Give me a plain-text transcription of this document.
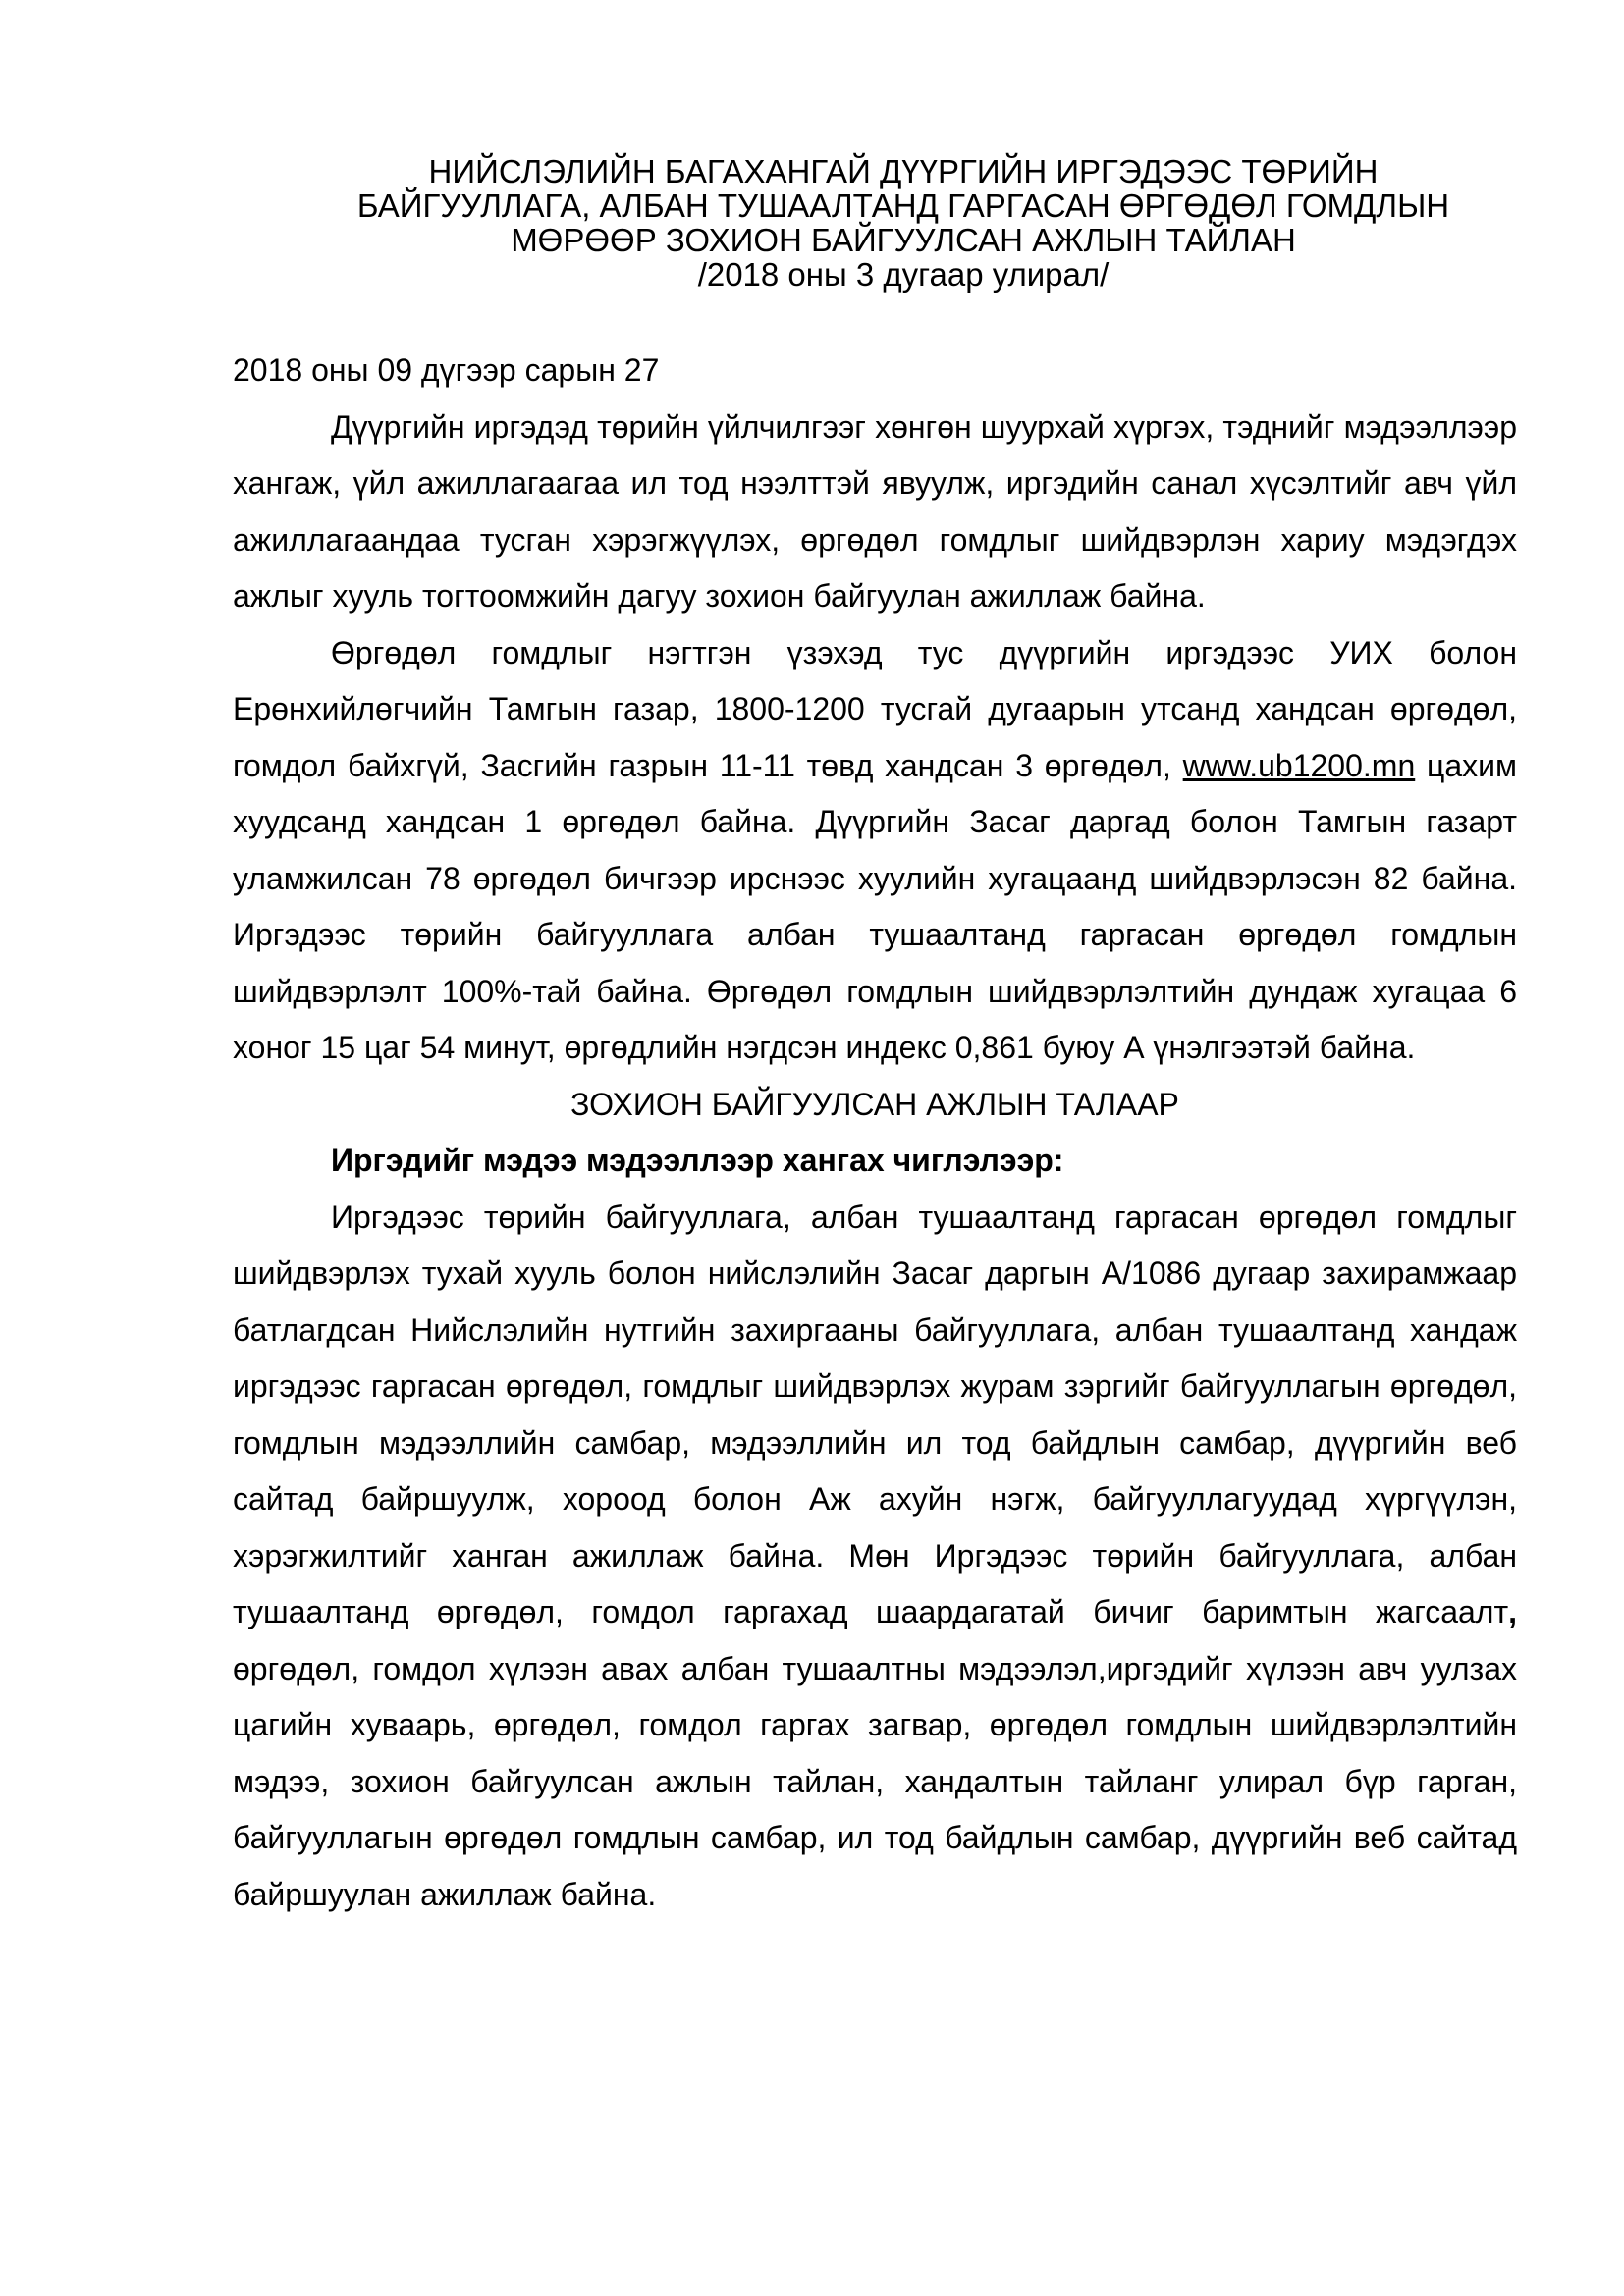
НИЙСЛЭЛИЙН БАГАХАНГАЙ ДҮҮРГИЙН ИРГЭДЭЭС ТӨРИЙН
БАЙГУУЛЛАГА, АЛБАН ТУШААЛТАНД ГАРГАСАН ӨРГӨДӨЛ ГОМДЛЫН
МӨРӨӨР ЗОХИОН БАЙГУУЛСАН АЖЛЫН ТАЙЛАН
/2018 оны 3 дугаар улирал/
2018 оны 09 дүгээр сарын 27

Дүүргийн иргэдэд төрийн үйлчилгээг хөнгөн шуурхай хүргэх, тэднийг мэдээллээр хангаж, үйл ажиллагаагаа ил тод нээлттэй явуулж, иргэдийн санал хүсэлтийг авч үйл ажиллагаандаа тусган хэрэгжүүлэх, өргөдөл гомдлыг шийдвэрлэн хариу мэдэгдэх ажлыг хууль тогтоомжийн дагуу зохион байгуулан ажиллаж байна.

Өргөдөл гомдлыг нэгтгэн үзэхэд тус дүүргийн иргэдээс УИХ болон Ерөнхийлөгчийн Тамгын газар, 1800-1200 тусгай дугаарын утсанд хандсан өргөдөл, гомдол байхгүй, Засгийн газрын 11-11 төвд хандсан 3 өргөдөл, www.ub1200.mn цахим хуудсанд хандсан 1 өргөдөл байна. Дүүргийн Засаг даргад болон Тамгын газарт уламжилсан 78 өргөдөл бичгээр ирснээс хуулийн хугацаанд шийдвэрлэсэн 82 байна. Иргэдээс төрийн байгууллага албан тушаалтанд гаргасан өргөдөл гомдлын шийдвэрлэлт 100%-тай байна. Өргөдөл гомдлын шийдвэрлэлтийн дундаж хугацаа 6 хоног 15 цаг 54 минут, өргөдлийн нэгдсэн индекс 0,861 буюу А үнэлгээтэй байна.

ЗОХИОН БАЙГУУЛСАН АЖЛЫН ТАЛААР

Иргэдийг мэдээ мэдээллээр хангах чиглэлээр:

Иргэдээс төрийн байгууллага, албан тушаалтанд гаргасан өргөдөл гомдлыг шийдвэрлэх тухай хууль болон нийслэлийн Засаг даргын А/1086 дугаар захирамжаар батлагдсан Нийслэлийн нутгийн захиргааны байгууллага, албан тушаалтанд хандаж иргэдээс гаргасан өргөдөл, гомдлыг шийдвэрлэх журам зэргийг байгууллагын өргөдөл, гомдлын мэдээллийн самбар, мэдээллийн ил тод байдлын самбар, дүүргийн веб сайтад байршуулж, хороод болон Аж ахуйн нэгж, байгууллагуудад хүргүүлэн, хэрэгжилтийг ханган ажиллаж байна. Мөн Иргэдээс төрийн байгууллага, албан тушаалтанд өргөдөл, гомдол гаргахад шаардагатай бичиг баримтын жагсаалт, өргөдөл, гомдол хүлээн авах албан тушаалтны мэдээлэл,иргэдийг хүлээн авч уулзах цагийн хуваарь, өргөдөл, гомдол гаргах загвар, өргөдөл гомдлын шийдвэрлэлтийн мэдээ, зохион байгуулсан ажлын тайлан, хандалтын тайланг улирал бүр гарган, байгууллагын өргөдөл гомдлын самбар, ил тод байдлын самбар, дүүргийн веб сайтад байршуулан ажиллаж байна.
